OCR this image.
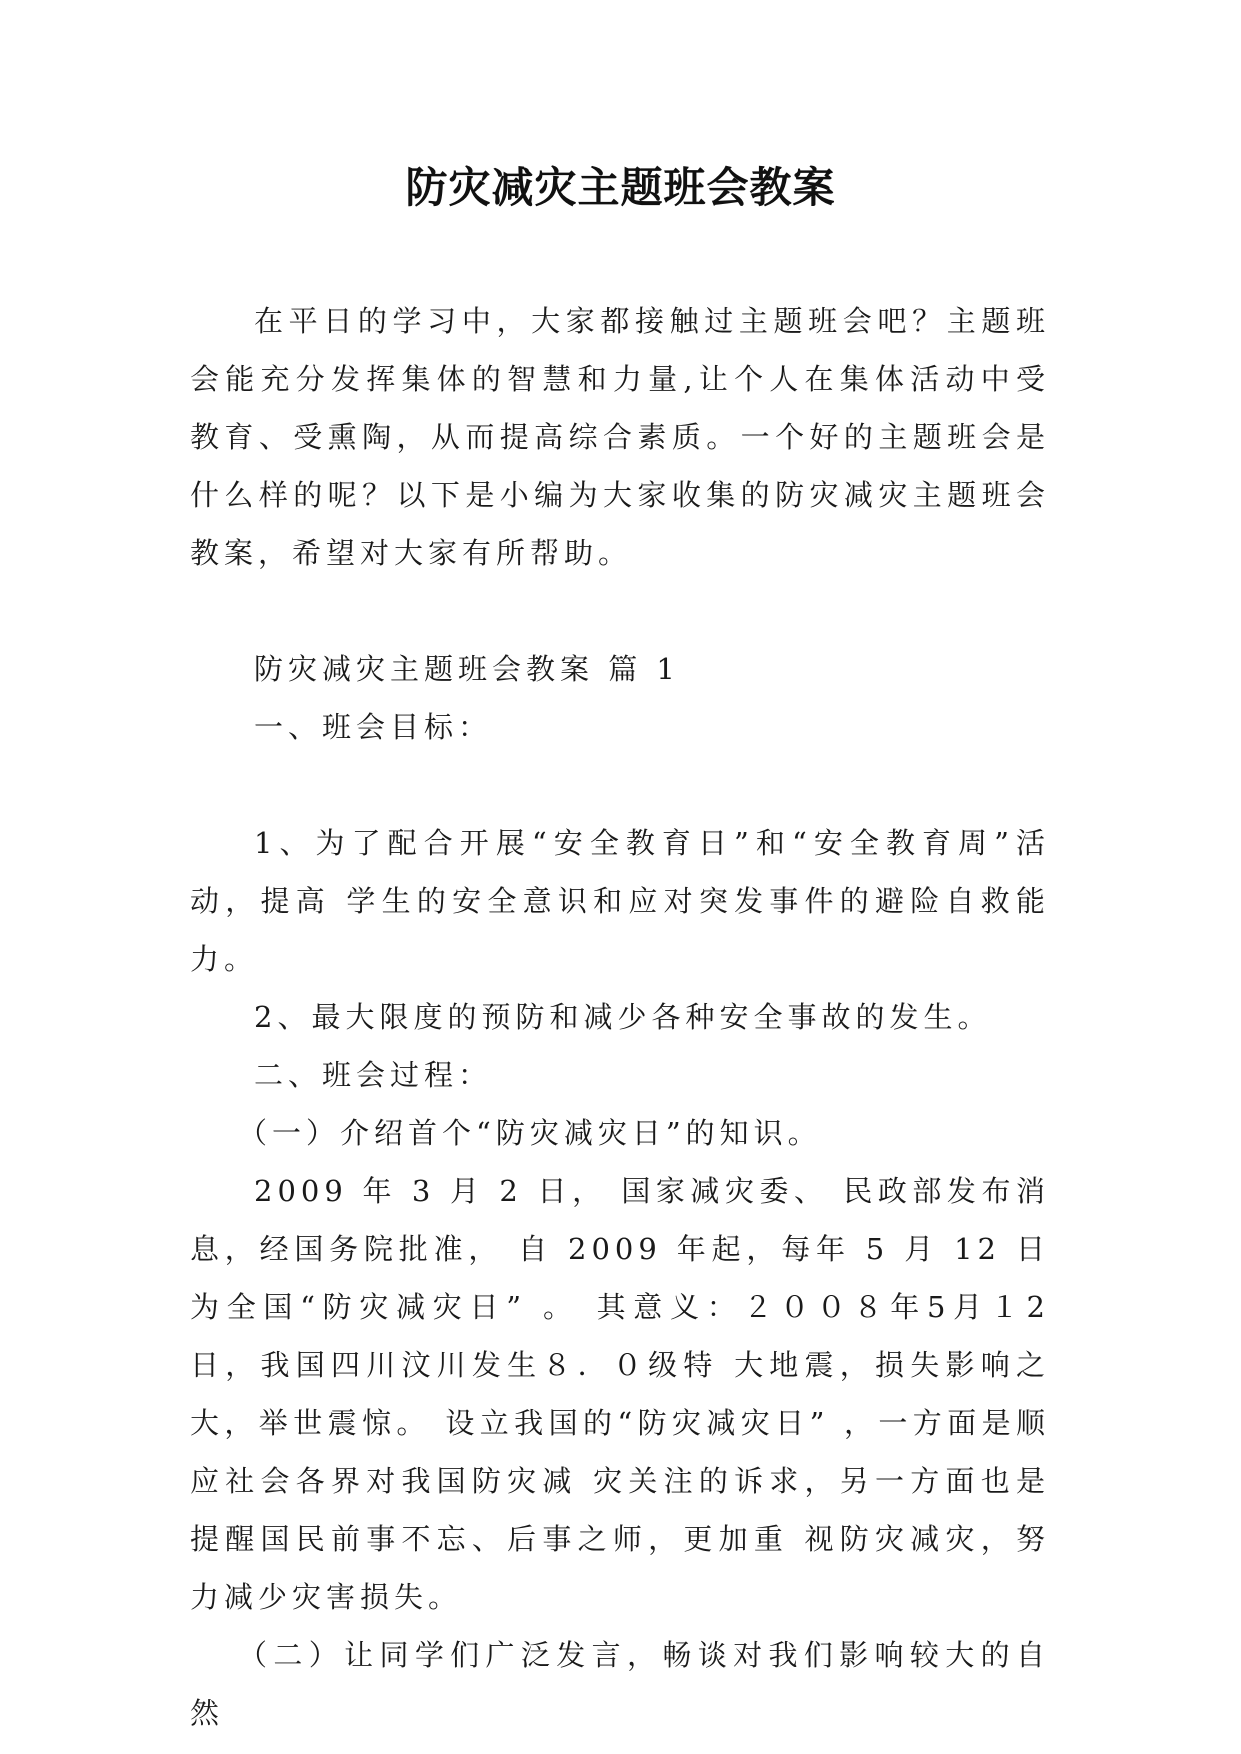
防灾减灾主题班会教案

在平日的学习中，大家都接触过主题班会吧？主题班会能充分发挥集体的智慧和力量,让个人在集体活动中受教育、受熏陶，从而提高综合素质。一个好的主题班会是什么样的呢？以下是小编为大家收集的防灾减灾主题班会教案，希望对大家有所帮助。

防灾减灾主题班会教案 篇 1

一、班会目标：

1、为了配合开展“安全教育日”和“安全教育周”活动，提高 学生的安全意识和应对突发事件的避险自救能力。

2、最大限度的预防和减少各种安全事故的发生。

二、班会过程：

（一）介绍首个“防灾减灾日”的知识。

2009 年 3 月 2 日， 国家减灾委、 民政部发布消息，经国务院批准， 自 2009 年起，每年 5 月 12 日为全国“防灾减灾日” 。 其意义：２００８年5月１2日，我国四川汶川发生８．０级特 大地震，损失影响之大，举世震惊。 设立我国的“防灾减灾日” ，一方面是顺应社会各界对我国防灾减 灾关注的诉求，另一方面也是提醒国民前事不忘、后事之师，更加重 视防灾减灾，努力减少灾害损失。

（二）让同学们广泛发言，畅谈对我们影响较大的自然
